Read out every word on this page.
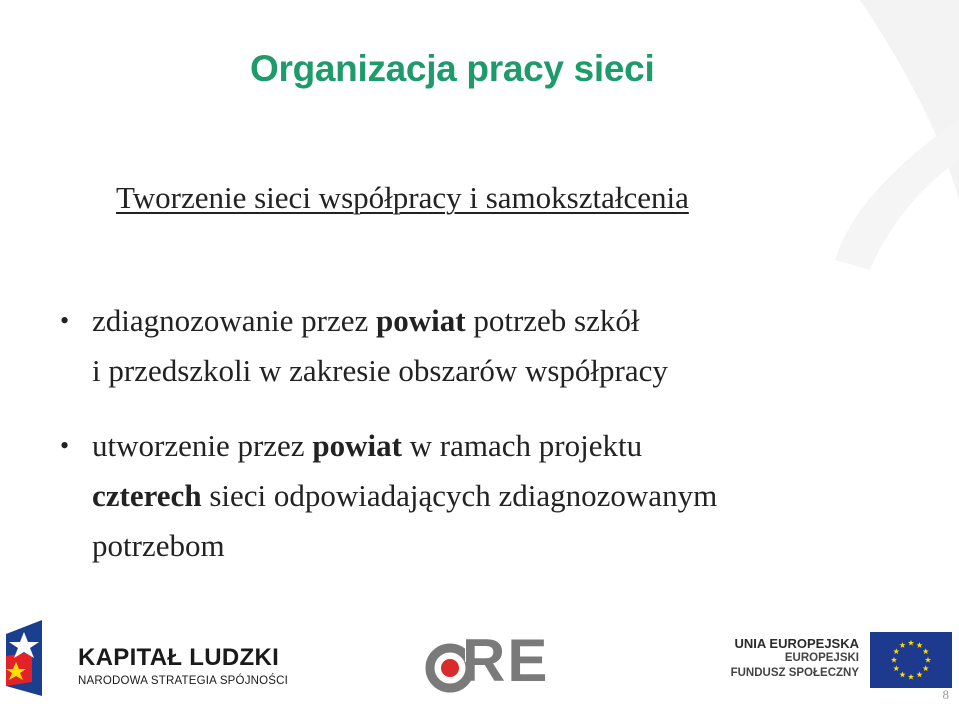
Organizacja pracy sieci
Tworzenie sieci współpracy i samokształcenia
• zdiagnozowanie przez powiat potrzeb szkół
i przedszkoli w zakresie obszarów współpracy
• utworzenie przez powiat w ramach projektu
czterech sieci odpowiadających zdiagnozowanym
potrzebom
KAPITAŁ LUDZKI
NARODOWA STRATEGIA SPÓJNOŚCI	RE	UNIA EUROPEJSKA
EUROPEJSKI
FUNDUSZ SPOŁECZNY
8
